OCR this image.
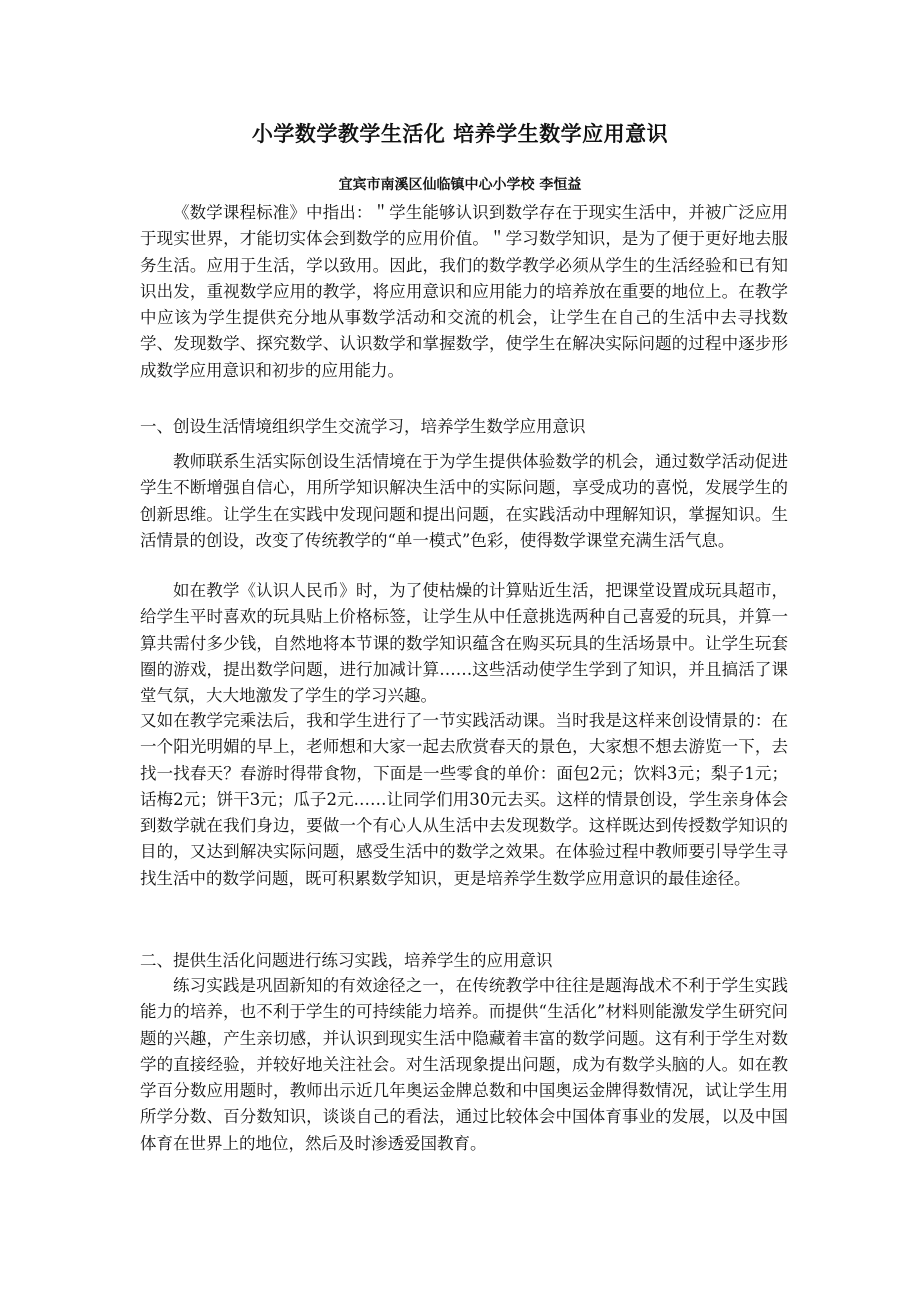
小学数学教学生活化 培养学生数学应用意识
宜宾市南溪区仙临镇中心小学校 李恒益

《数学课程标准》中指出：＂学生能够认识到数学存在于现实生活中，并被广泛应用于现实世界，才能切实体会到数学的应用价值。＂学习数学知识，是为了便于更好地去服务生活。应用于生活，学以致用。因此，我们的数学教学必须从学生的生活经验和已有知识出发，重视数学应用的教学，将应用意识和应用能力的培养放在重要的地位上。在教学中应该为学生提供充分地从事数学活动和交流的机会，让学生在自己的生活中去寻找数学、发现数学、探究数学、认识数学和掌握数学，使学生在解决实际问题的过程中逐步形成数学应用意识和初步的应用能力。

一、创设生活情境组织学生交流学习，培养学生数学应用意识

教师联系生活实际创设生活情境在于为学生提供体验数学的机会，通过数学活动促进学生不断增强自信心，用所学知识解决生活中的实际问题，享受成功的喜悦，发展学生的创新思维。让学生在实践中发现问题和提出问题，在实践活动中理解知识，掌握知识。生活情景的创设，改变了传统教学的“单一模式”色彩，使得数学课堂充满生活气息。

如在教学《认识人民币》时，为了使枯燥的计算贴近生活，把课堂设置成玩具超市，给学生平时喜欢的玩具贴上价格标签，让学生从中任意挑选两种自己喜爱的玩具，并算一算共需付多少钱，自然地将本节课的数学知识蕴含在购买玩具的生活场景中。让学生玩套圈的游戏，提出数学问题，进行加减计算……这些活动使学生学到了知识，并且搞活了课堂气氛，大大地激发了学生的学习兴趣。

又如在教学完乘法后，我和学生进行了一节实践活动课。当时我是这样来创设情景的：在一个阳光明媚的早上，老师想和大家一起去欣赏春天的景色，大家想不想去游览一下，去找一找春天？春游时得带食物，下面是一些零食的单价：面包2元；饮料3元；梨子1元；话梅2元；饼干3元；瓜子2元……让同学们用30元去买。这样的情景创设，学生亲身体会到数学就在我们身边，要做一个有心人从生活中去发现数学。这样既达到传授数学知识的目的，又达到解决实际问题，感受生活中的数学之效果。在体验过程中教师要引导学生寻找生活中的数学问题，既可积累数学知识，更是培养学生数学应用意识的最佳途径。

二、提供生活化问题进行练习实践，培养学生的应用意识

练习实践是巩固新知的有效途径之一，在传统教学中往往是题海战术不利于学生实践能力的培养，也不利于学生的可持续能力培养。而提供“生活化”材料则能激发学生研究问题的兴趣，产生亲切感，并认识到现实生活中隐藏着丰富的数学问题。这有利于学生对数学的直接经验，并较好地关注社会。对生活现象提出问题，成为有数学头脑的人。如在教学百分数应用题时，教师出示近几年奥运金牌总数和中国奥运金牌得数情况，试让学生用所学分数、百分数知识，谈谈自己的看法，通过比较体会中国体育事业的发展，以及中国体育在世界上的地位，然后及时渗透爱国教育。
